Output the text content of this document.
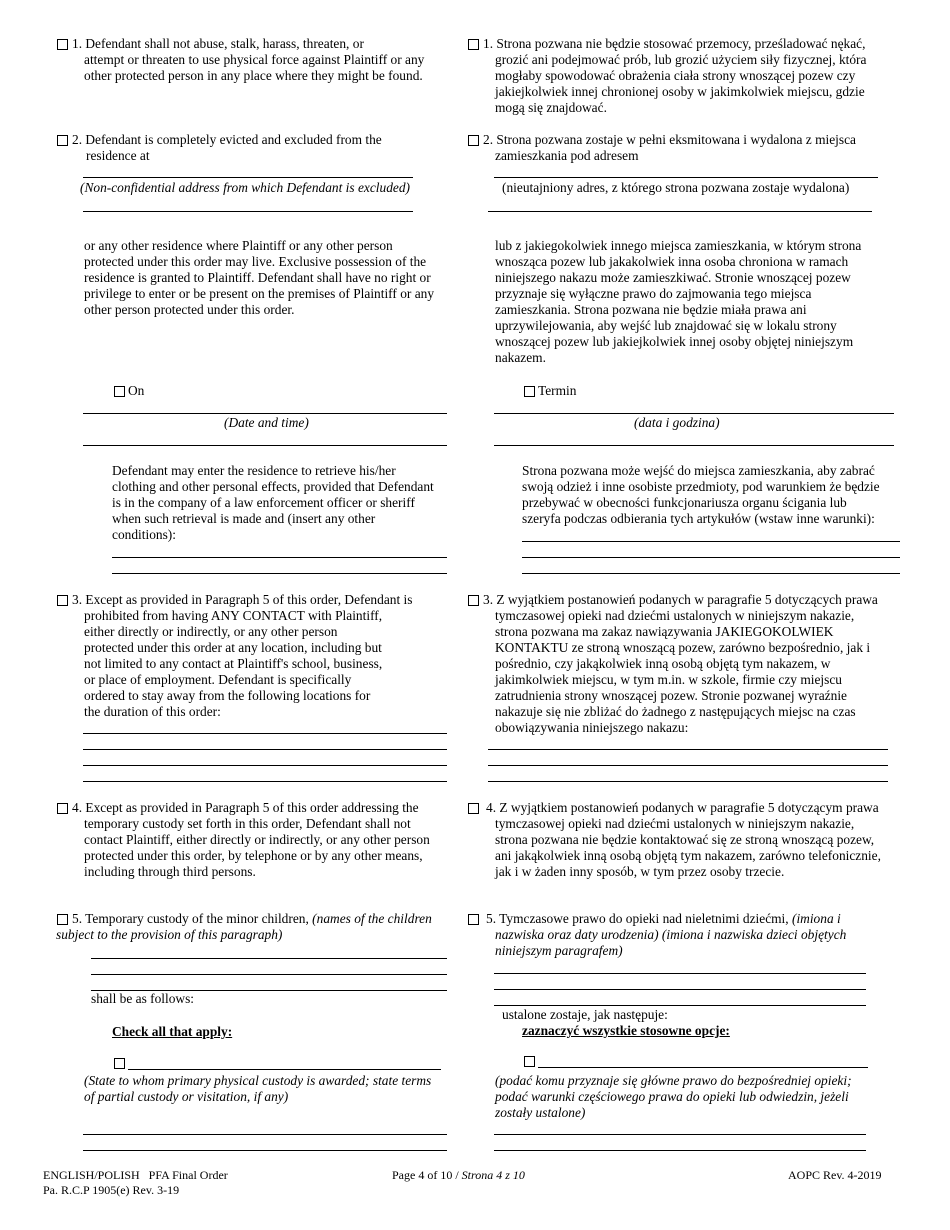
1. Defendant shall not abuse, stalk, harass, threaten, or
attempt or threaten to use physical force against Plaintiff or any
other protected person in any place where they might be found.
2. Defendant is completely evicted and excluded from the
residence at
(Non-confidential address from which Defendant is excluded)
or any other residence where Plaintiff or any other person
protected under this order may live. Exclusive possession of the
residence is granted to Plaintiff. Defendant shall have no right or
privilege to enter or be present on the premises of Plaintiff or any
other person protected under this order.
On
(Date and time)
Defendant may enter the residence to retrieve his/her
clothing and other personal effects, provided that Defendant
is in the company of a law enforcement officer or sheriff
when such retrieval is made and (insert any other
conditions):
3. Except as provided in Paragraph 5 of this order, Defendant is
prohibited from having ANY CONTACT with Plaintiff,
either directly or indirectly, or any other person
protected under this order at any location, including but
not limited to any contact at Plaintiff's school, business,
or place of employment. Defendant is specifically
ordered to stay away from the following locations for
the duration of this order:
4. Except as provided in Paragraph 5 of this order addressing the
temporary custody set forth in this order, Defendant shall not
contact Plaintiff, either directly or indirectly, or any other person
protected under this order, by telephone or by any other means,
including through third persons.
5. Temporary custody of the minor children, (names of the children
subject to the provision of this paragraph)
shall be as follows:
Check all that apply:
(State to whom primary physical custody is awarded; state terms
of partial custody or visitation, if any)
1. Strona pozwana nie będzie stosować przemocy, prześladować nękać,
grozić ani podejmować prób, lub grozić użyciem siły fizycznej, która
mogłaby spowodować obrażenia ciała strony wnoszącej pozew czy
jakiejkolwiek innej chronionej osoby w jakimkolwiek miejscu, gdzie
mogą się znajdować.
2. Strona pozwana zostaje w pełni eksmitowana i wydalona z miejsca
zamieszkania pod adresem
(nieutajniony adres, z którego strona pozwana zostaje wydalona)
lub z jakiegokolwiek innego miejsca zamieszkania, w którym strona
wnosząca pozew lub jakakolwiek inna osoba chroniona w ramach
niniejszego nakazu może zamieszkiwać. Stronie wnoszącej pozew
przyznaje się wyłączne prawo do zajmowania tego miejsca
zamieszkania. Strona pozwana nie będzie miała prawa ani
uprzywilejowania, aby wejść lub znajdować się w lokalu strony
wnoszącej pozew lub jakiejkolwiek innej osoby objętej niniejszym
nakazem.
Termin
(data i godzina)
Strona pozwana może wejść do miejsca zamieszkania, aby zabrać
swoją odzież i inne osobiste przedmioty, pod warunkiem że będzie
przebywać w obecności funkcjonariusza organu ścigania lub
szeryfa podczas odbierania tych artykułów (wstaw inne warunki):
3. Z wyjątkiem postanowień podanych w paragrafie 5 dotyczących prawa
tymczasowej opieki nad dziećmi ustalonych w niniejszym nakazie,
strona pozwana ma zakaz nawiązywania JAKIEGOKOLWIEK
KONTAKTU ze stroną wnoszącą pozew, zarówno bezpośrednio, jak i
pośrednio, czy jakąkolwiek inną osobą objętą tym nakazem, w
jakimkolwiek miejscu, w tym m.in. w szkole, firmie czy miejscu
zatrudnienia strony wnoszącej pozew. Stronie pozwanej wyraźnie
nakazuje się nie zbliżać do żadnego z następujących miejsc na czas
obowiązywania niniejszego nakazu:
4. Z wyjątkiem postanowień podanych w paragrafie 5 dotyczącym prawa
tymczasowej opieki nad dziećmi ustalonych w niniejszym nakazie,
strona pozwana nie będzie kontaktować się ze stroną wnoszącą pozew,
ani jakąkolwiek inną osobą objętą tym nakazem, zarówno telefonicznie,
jak i w żaden inny sposób, w tym przez osoby trzecie.
5. Tymczasowe prawo do opieki nad nieletnimi dziećmi, (imiona i
nazwiska oraz daty urodzenia) (imiona i nazwiska dzieci objętych
niniejszym paragrafem)
ustalone zostaje, jak następuje:
zaznaczyć wszystkie stosowne opcje:
(podać komu przyznaje się główne prawo do bezpośredniej opieki;
podać warunki częściowego prawa do opieki lub odwiedzin, jeżeli
zostały ustalone)
ENGLISH/POLISH   PFA Final Order
Pa. R.C.P 1905(e) Rev. 3-19
Page 4 of 10 / Strona 4 z 10	AOPC Rev. 4-2019
